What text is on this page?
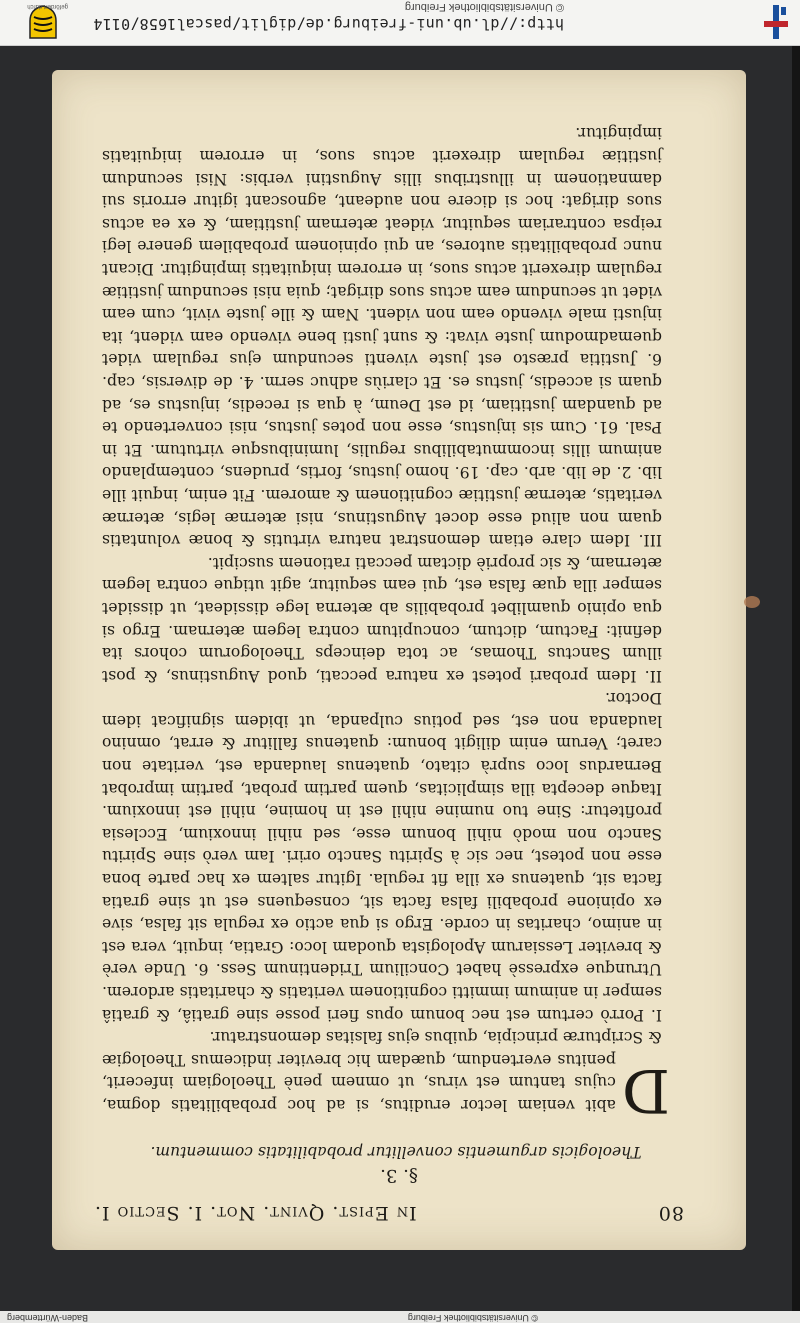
© Universitätsbibliothek Freiburg
Baden-Württemberg
80
In Epist. Qvint. Not. I. Sectio I.
§. 3.
Theologicis argumentis convellitur probabilitatis commentum.

D
abit veniam lector eruditus, si ad hoc probabilitatis dogma, cujus tantum est virus, ut omnem penè Theologiam infecerit, penitus evertendum, quædam hic breviter indicemus Theologiæ & Scripturæ principia, quibus ejus falsitas demonstratur.

I. Porrò certum est nec bonum opus fieri posse sine gratiâ, & gratiâ semper in animum immitti cognitionem veritatis & charitatis ardorem. Utrunque expressè habet Concilium Tridentinum Sess. 6. Unde verè & breviter Lessiarum Apologista quodam loco: Gratia, inquit, vera est in animo, charitas in corde. Ergo si qua actio ex regula sit falsa, sive ex opinione probabili falsa facta sit, consequens est ut sine gratia facta sit, quatenus ex illa fit regula. Igitur saltem ex hac parte bona esse non potest, nec sic à Spiritu Sancto oriri. Iam verò sine Spiritu Sancto non modò nihil bonum esse, sed nihil innoxium, Ecclesia profitetur: Sine tuo numine nihil est in homine, nihil est innoxium. Itaque decepta illa simplicitas, quem partim probat, partim improbat Bernardus loco suprà citato, quatenus laudanda est, veritate non caret; Verum enim diligit bonum: quatenus fallitur & errat, omnino laudanda non est, sed potius culpanda, ut ibidem significat idem Doctor.

II. Idem probari potest ex natura peccati, quod Augustinus, & post illum Sanctus Thomas, ac tota deinceps Theologorum cohors ita definit: Factum, dictum, concupitum contra legem æternam. Ergo si qua opinio quamlibet probabilis ab æterna lege dissideat, ut dissidet semper illa quæ falsa est, qui eam sequitur, agit utique contra legem æternam, & sic propriè dictam peccati rationem suscipit.

III. Idem clare etiam demonstrat natura virtutis & bonæ voluntatis quam non aliud esse docet Augustinus, nisi æternæ legis, æternæ veritatis, æternæ justitiæ cognitionem & amorem. Fit enim, inquit ille lib. 2. de lib. arb. cap. 19. homo justus, fortis, prudens, contemplando animum illis incommutabilibus regulis, luminibusque virtutum. Et in Psal. 61. Cum sis injustus, esse non potes justus, nisi convertendo te ad quandam justitiam, id est Deum, à qua si recedis, injustus es, ad quam si accedis, justus es. Et clariùs adhuc serm. 4. de diversis, cap. 6. Justitia præsto est juste viventi secundum ejus regulam videt quemadmodum juste vivat: & sunt justi bene vivendo eam vident, ita injusti male vivendo eam non vident. Nam & ille juste vivit, cum eam videt ut secundum eam actus suos dirigat; quia nisi secundum justitiæ regulam direxerit actus suos, in errorem iniquitatis impingitur. Dicant nunc probabilitatis autores, an qui opinionem probabilem genere legi reipsa contrariam sequitur, videat æternam justitiam, & ex ea actus suos dirigat: hoc si dicere non audeant, agnoscant igitur erroris sui damnationem in illustribus illis Augustini verbis: Nisi secundum justitiæ regulam direxerit actus suos, in errorem iniquitatis impingitur.

http://dl.ub.uni-freiburg.de/diglit/pascal1658/0114
© Universitätsbibliothek Freiburg
gefördert durch
